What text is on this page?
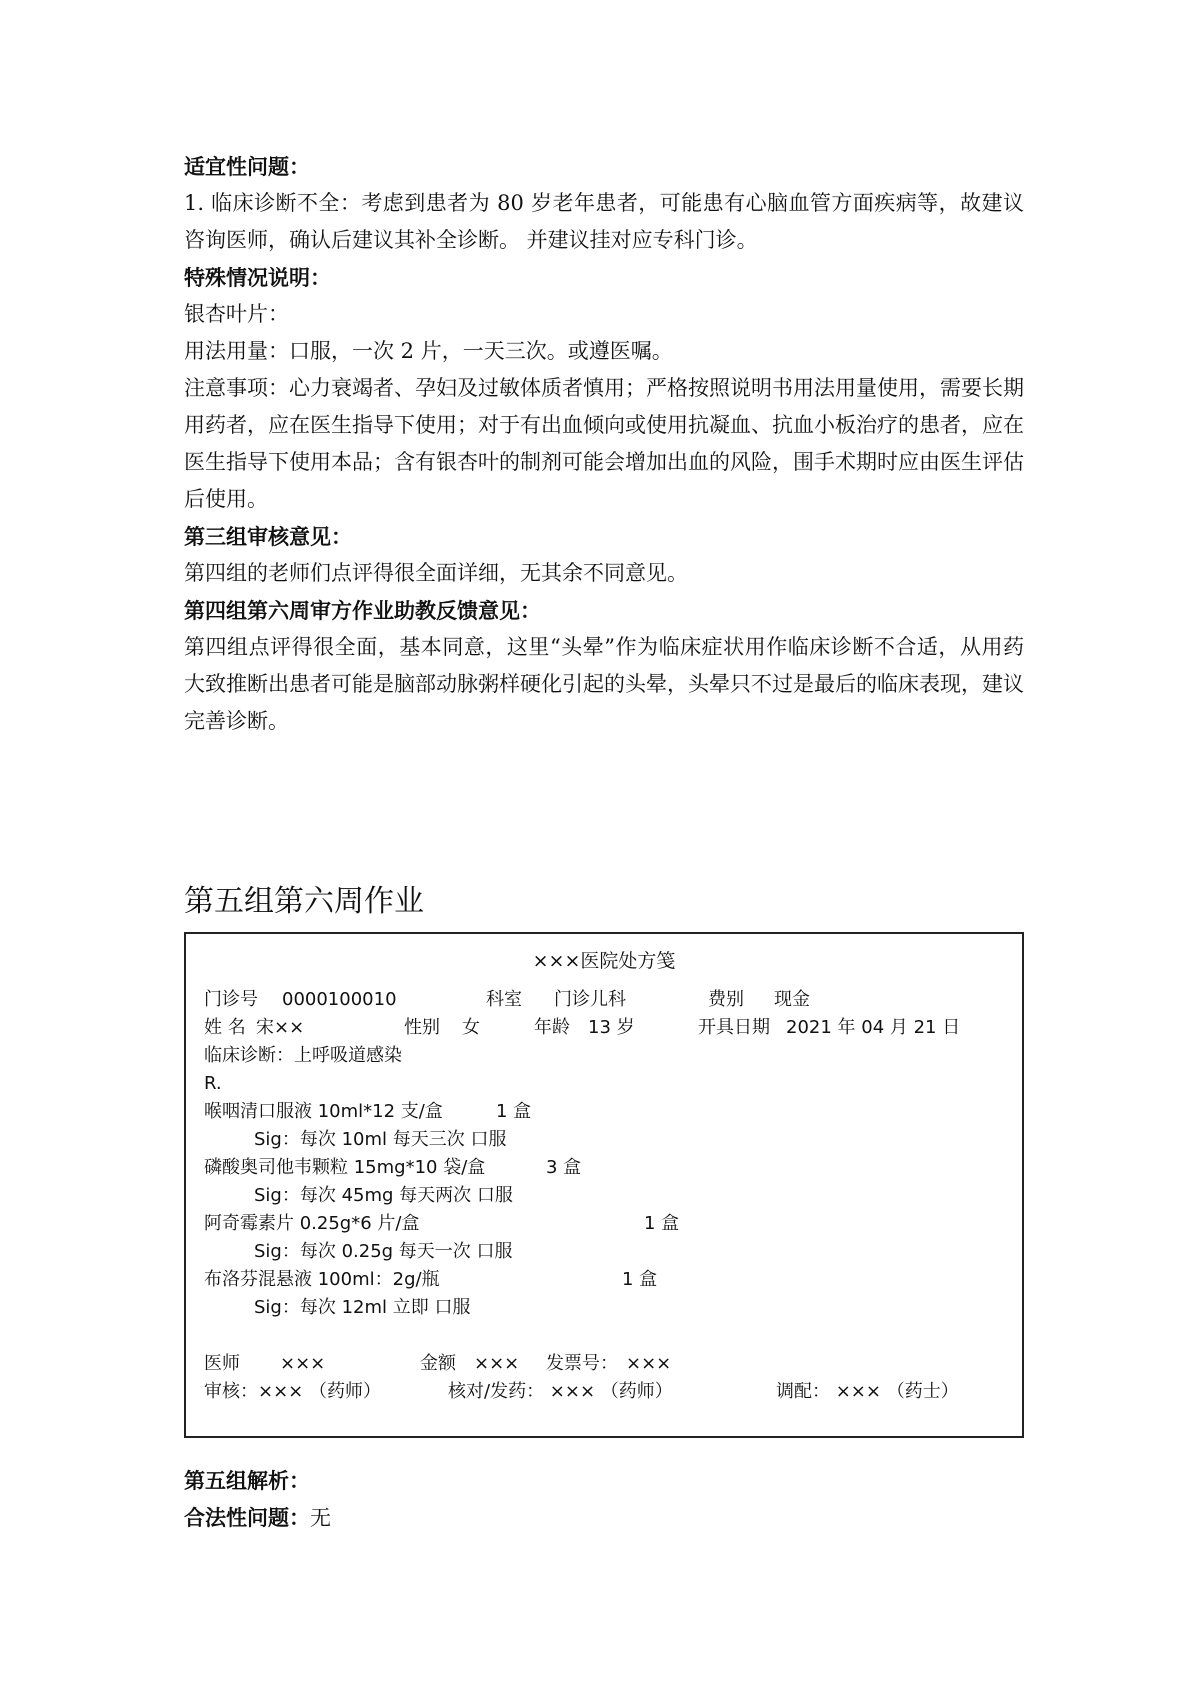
适宜性问题：

1. 临床诊断不全：考虑到患者为 80 岁老年患者，可能患有心脑血管方面疾病等，故建议咨询医师，确认后建议其补全诊断。 并建议挂对应专科门诊。

特殊情况说明：
银杏叶片：
用法用量：口服，一次 2 片，一天三次。或遵医嘱。

注意事项：心力衰竭者、孕妇及过敏体质者慎用；严格按照说明书用法用量使用，需要长期用药者，应在医生指导下使用；对于有出血倾向或使用抗凝血、抗血小板治疗的患者，应在医生指导下使用本品；含有银杏叶的制剂可能会增加出血的风险，围手术期时应由医生评估后使用。

第三组审核意见：
第四组的老师们点评得很全面详细，无其余不同意见。
第四组第六周审方作业助教反馈意见：

第四组点评得很全面，基本同意，这里“头晕”作为临床症状用作临床诊断不合适，从用药大致推断出患者可能是脑部动脉粥样硬化引起的头晕，头晕只不过是最后的临床表现，建议完善诊断。

第五组第六周作业
×××医院处方笺
门诊号 0000100010	科室 门诊儿科	费别 现金
姓 名 宋××	性别 女	年龄 13 岁	开具日期 2021 年 04 月 21 日
临床诊断：上呼吸道感染
R.
喉咽清口服液 10ml*12 支/盒	1 盒
Sig：每次 10ml 每天三次 口服
磷酸奥司他韦颗粒 15mg*10 袋/盒	3 盒
Sig：每次 45mg 每天两次 口服
阿奇霉素片 0.25g*6 片/盒	1 盒
Sig：每次 0.25g 每天一次 口服
布洛芬混悬液 100ml：2g/瓶	1 盒
Sig：每次 12ml 立即 口服
医师 ×××	金额 ××× 发票号： ×××
审核：××× （药师）	核对/发药： ××× （药师）	调配： ××× （药士）
第五组解析：
合法性问题：无
